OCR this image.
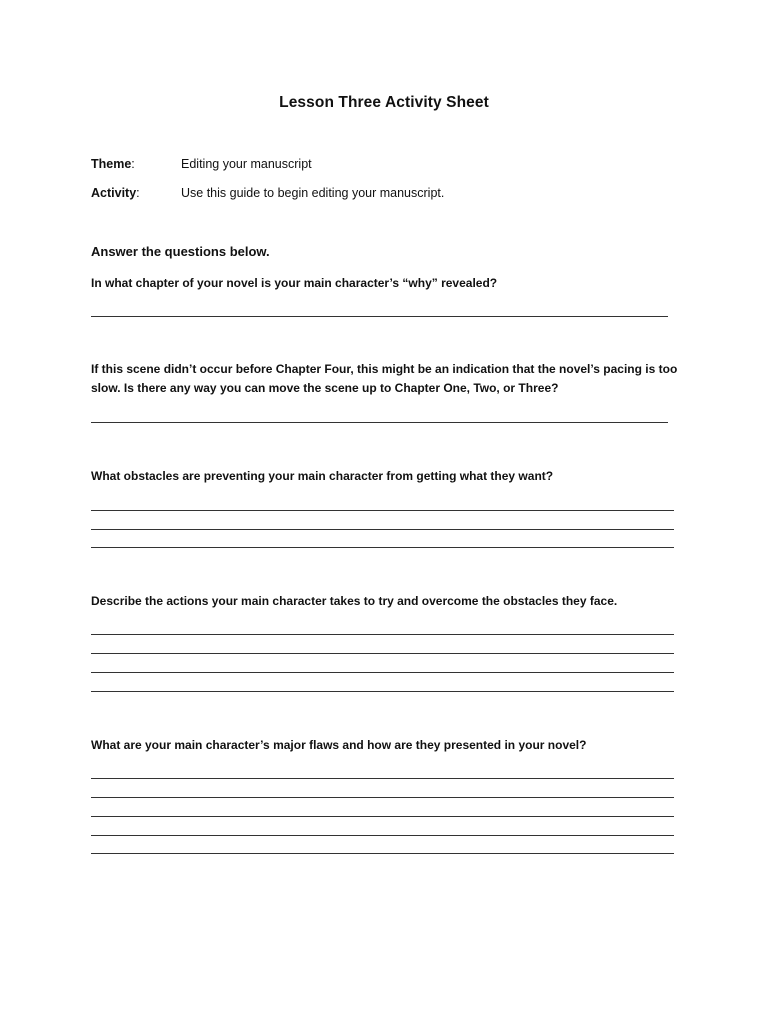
Lesson Three Activity Sheet
Theme:	Editing your manuscript
Activity:	Use this guide to begin editing your manuscript.
Answer the questions below.
In what chapter of your novel is your main character’s “why” revealed?
If this scene didn’t occur before Chapter Four, this might be an indication that the novel’s pacing is too slow. Is there any way you can move the scene up to Chapter One, Two, or Three?
What obstacles are preventing your main character from getting what they want?
Describe the actions your main character takes to try and overcome the obstacles they face.
What are your main character’s major flaws and how are they presented in your novel?
